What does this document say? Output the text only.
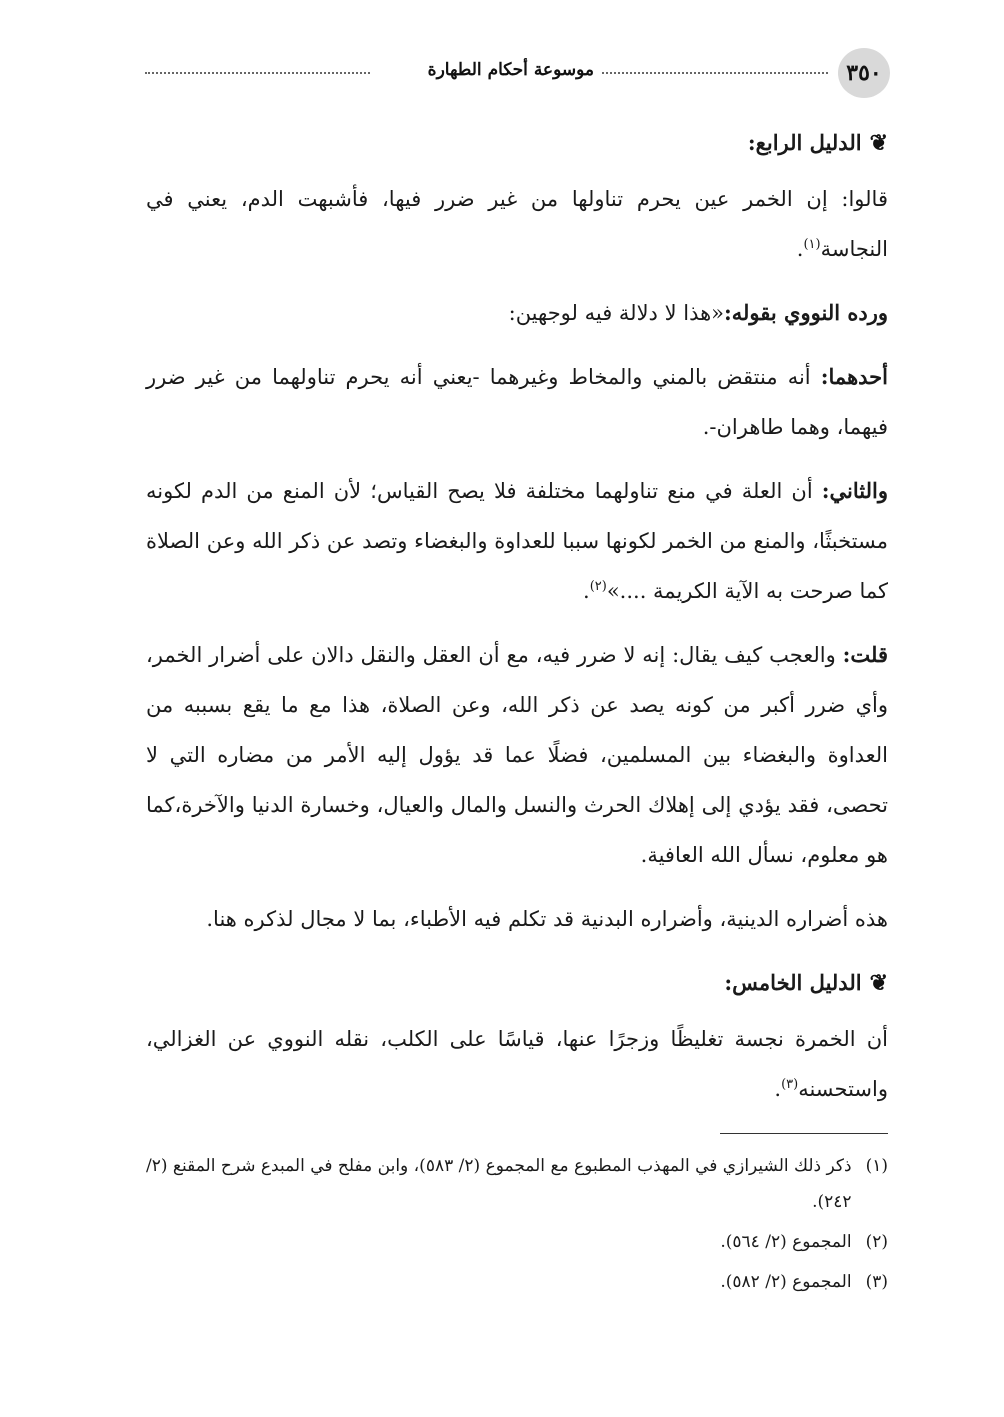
٣٥٠
موسوعة أحكام الطهارة

❦
الدليل الرابع:

قالوا: إن الخمر عين يحرم تناولها من غير ضرر فيها، فأشبهت الدم، يعني في النجاسة$^{(١)}$.

ورده النووي بقوله:«هذا لا دلالة فيه لوجهين:

أحدهما: أنه منتقض بالمني والمخاط وغيرهما -يعني أنه يحرم تناولهما من غير ضرر فيهما، وهما طاهران-.

والثاني: أن العلة في منع تناولهما مختلفة فلا يصح القياس؛ لأن المنع من الدم لكونه مستخبثًا، والمنع من الخمر لكونها سببا للعداوة والبغضاء وتصد عن ذكر الله وعن الصلاة كما صرحت به الآية الكريمة ....»$^{(٢)}$.

قلت: والعجب كيف يقال: إنه لا ضرر فيه، مع أن العقل والنقل دالان على أضرار الخمر، وأي ضرر أكبر من كونه يصد عن ذكر الله، وعن الصلاة، هذا مع ما يقع بسببه من العداوة والبغضاء بين المسلمين، فضلًا عما قد يؤول إليه الأمر من مضاره التي لا تحصى، فقد يؤدي إلى إهلاك الحرث والنسل والمال والعيال، وخسارة الدنيا والآخرة،كما هو معلوم، نسأل الله العافية.

هذه أضراره الدينية، وأضراره البدنية قد تكلم فيه الأطباء، بما لا مجال لذكره هنا.

❦
الدليل الخامس:

أن الخمرة نجسة تغليظًا وزجرًا عنها، قياسًا على الكلب، نقله النووي عن الغزالي، واستحسنه$^{(٣)}$.

(١)
ذكر ذلك الشيرازي في المهذب المطبوع مع المجموع (٢/ ٥٨٣)، وابن مفلح في المبدع شرح المقنع (٢/ ٢٤٢).
(٢)
المجموع (٢/ ٥٦٤).
(٣)
المجموع (٢/ ٥٨٢).
